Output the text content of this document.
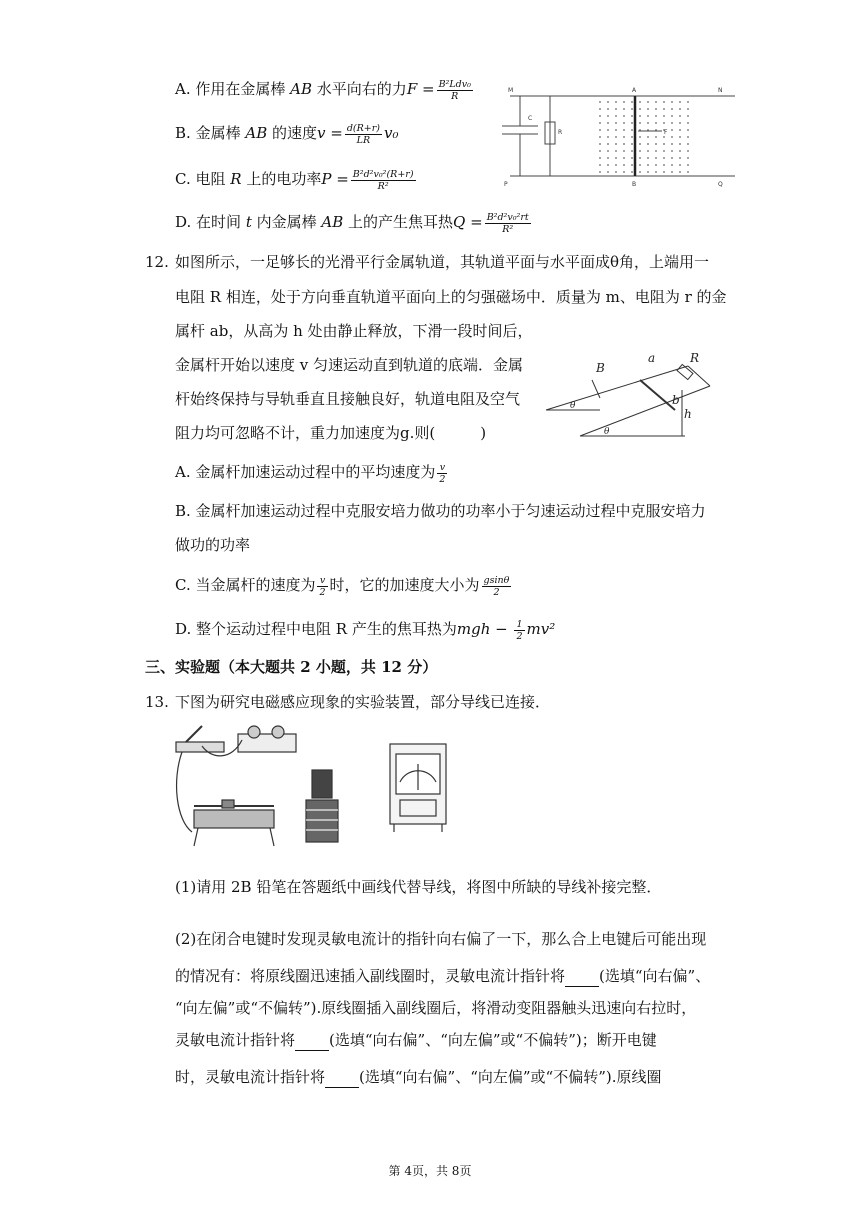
A. 作用在金属棒 AB 水平向右的力$F = \frac{\text{B²Ldv₀}}{R}$
B. 金属棒 AB 的速度$v = \frac{d(R+r)}{LR} v_0$
C. 电阻 R 上的电功率$P = \frac{\text{B²d²v₀²(R+r)}}{\text{R²}}$
D. 在时间 t 内金属棒 AB 上的产生焦耳热$Q = \frac{\text{B²d²v₀²rt}}{\text{R²}}$
M	N
P	Q
A
B
C
R	F
12. 如图所示，一足够长的光滑平行金属轨道，其轨道平面与水平面成θ角，上端用一
电阻 R 相连，处于方向垂直轨道平面向上的匀强磁场中．质量为 m、电阻为 r 的金
属杆 ab，从高为 h 处由静止释放，下滑一段时间后，
金属杆开始以速度 v 匀速运动直到轨道的底端．金属
杆始终保持与导轨垂直且接触良好，轨道电阻及空气
阻力均可忽略不计，重力加速度为g.则(　　　)
B
a	R
b
h
θ
θ
A. 金属杆加速运动过程中的平均速度为 $\frac{v}{2}$
B. 金属杆加速运动过程中克服安培力做功的功率小于匀速运动过程中克服安培力
做功的功率
C. 当金属杆的速度为 $\frac{v}{2}$ 时，它的加速度大小为 $\frac{gsin\theta}{2}$
D. 整个运动过程中电阻 R 产生的焦耳热为mgh − $\frac{1}{2} mv^2$
三、实验题（本大题共 2 小题，共 12 分）
13. 下图为研究电磁感应现象的实验装置，部分导线已连接．
(1)请用 2B 铅笔在答题纸中画线代替导线，将图中所缺的导线补接完整．
(2)在闭合电键时发现灵敏电流计的指针向右偏了一下，那么合上电键后可能出现
的情况有：将原线圈迅速插入副线圈时，灵敏电流计指针将 (选填“向右偏”、
“向左偏”或“不偏转”).原线圈插入副线圈后，将滑动变阻器触头迅速向右拉时，
灵敏电流计指针将 (选填“向右偏”、“向左偏”或“不偏转”)；断开电键
时，灵敏电流计指针将 (选填“向右偏”、“向左偏”或“不偏转”).原线圈
第 4页，共 8页
